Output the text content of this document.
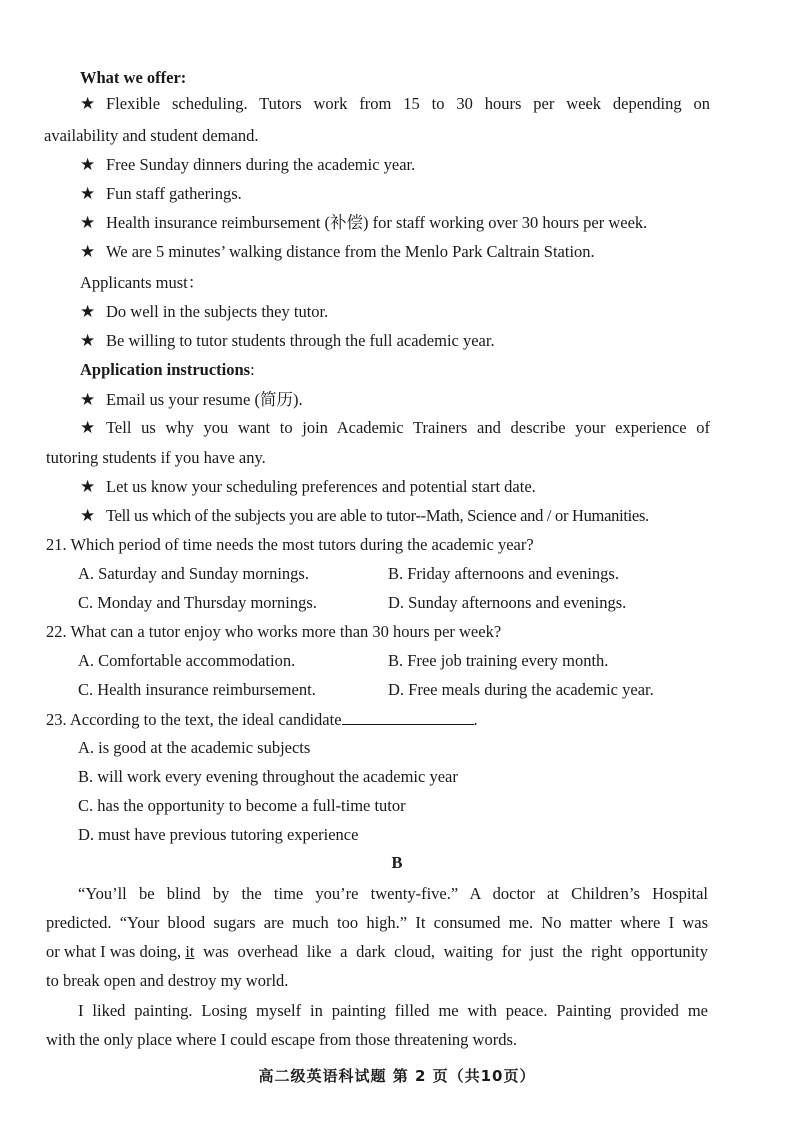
What we offer:
★ Flexible scheduling. Tutors work from 15 to 30 hours per week depending on
availability and student demand.
★ Free Sunday dinners during the academic year.
★ Fun staff gatherings.
★ Health insurance reimbursement (补偿) for staff working over 30 hours per week.
★ We are 5 minutes’ walking distance from the Menlo Park Caltrain Station.
Applicants must：
★ Do well in the subjects they tutor.
★ Be willing to tutor students through the full academic year.
Application instructions:
★ Email us your resume (简历).
★ Tell us why you want to join Academic Trainers and describe your experience of
tutoring students if you have any.
★ Let us know your scheduling preferences and potential start date.
★ Tell us which of the subjects you are able to tutor--Math, Science and / or Humanities.
21. Which period of time needs the most tutors during the academic year?
A. Saturday and Sunday mornings.	B. Friday afternoons and evenings.
C. Monday and Thursday mornings.	D. Sunday afternoons and evenings.
22. What can a tutor enjoy who works more than 30 hours per week?
A. Comfortable accommodation.	B. Free job training every month.
C. Health insurance reimbursement.	D. Free meals during the academic year.
23. According to the text, the ideal candidate	.
A. is good at the academic subjects
B. will work every evening throughout the academic year
C. has the opportunity to become a full-time tutor
D. must have previous tutoring experience
B
“You’ll be blind by the time you’re twenty-five.” A doctor at Children’s Hospital
predicted. “Your blood sugars are much too high.” It consumed me. No matter where I was
or what I was doing, it was overhead like a dark cloud, waiting for just the right opportunity
to break open and destroy my world.
I liked painting. Losing myself in painting filled me with peace. Painting provided me
with the only place where I could escape from those threatening words.
高二级英语科试题 第 2 页（共10页）
